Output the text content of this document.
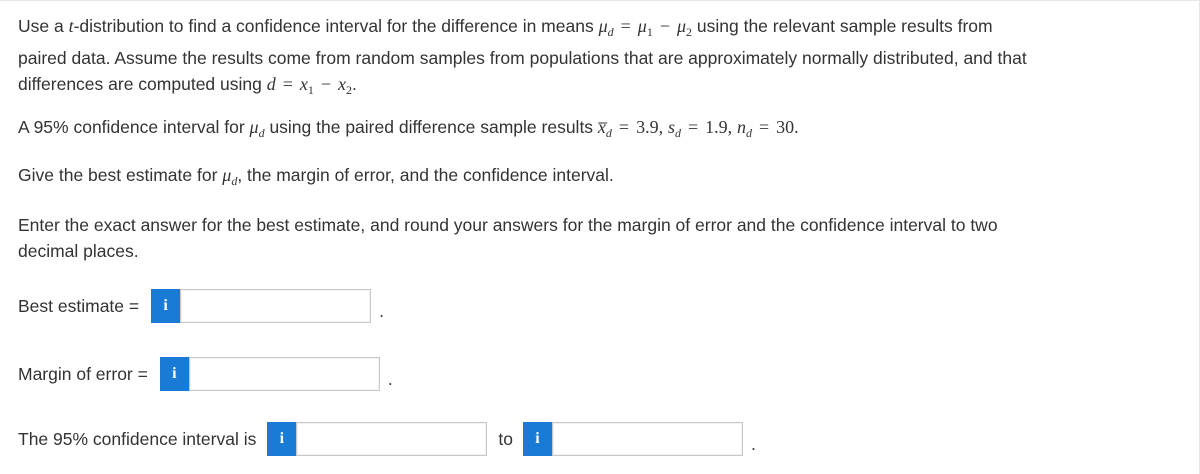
Use a t-distribution to find a confidence interval for the difference in means $\mu_d = \mu_1 - \mu_2$ using the relevant sample results from
paired data. Assume the results come from random samples from populations that are approximately normally distributed, and that
differences are computed using $d = x_1 - x_2$.

A 95% confidence interval for $\mu_d$ using the paired difference sample results $x̅_d = 3.9$, $s_d = 1.9$, $n_d = 30$.

Give the best estimate for $\mu_d$, the margin of error, and the confidence interval.

Enter the exact answer for the best estimate, and round your answers for the margin of error and the confidence interval to two decimal places.

Best estimate =	i	.
Margin of error =	i	.
The 95% confidence interval is	i	to	i	.
